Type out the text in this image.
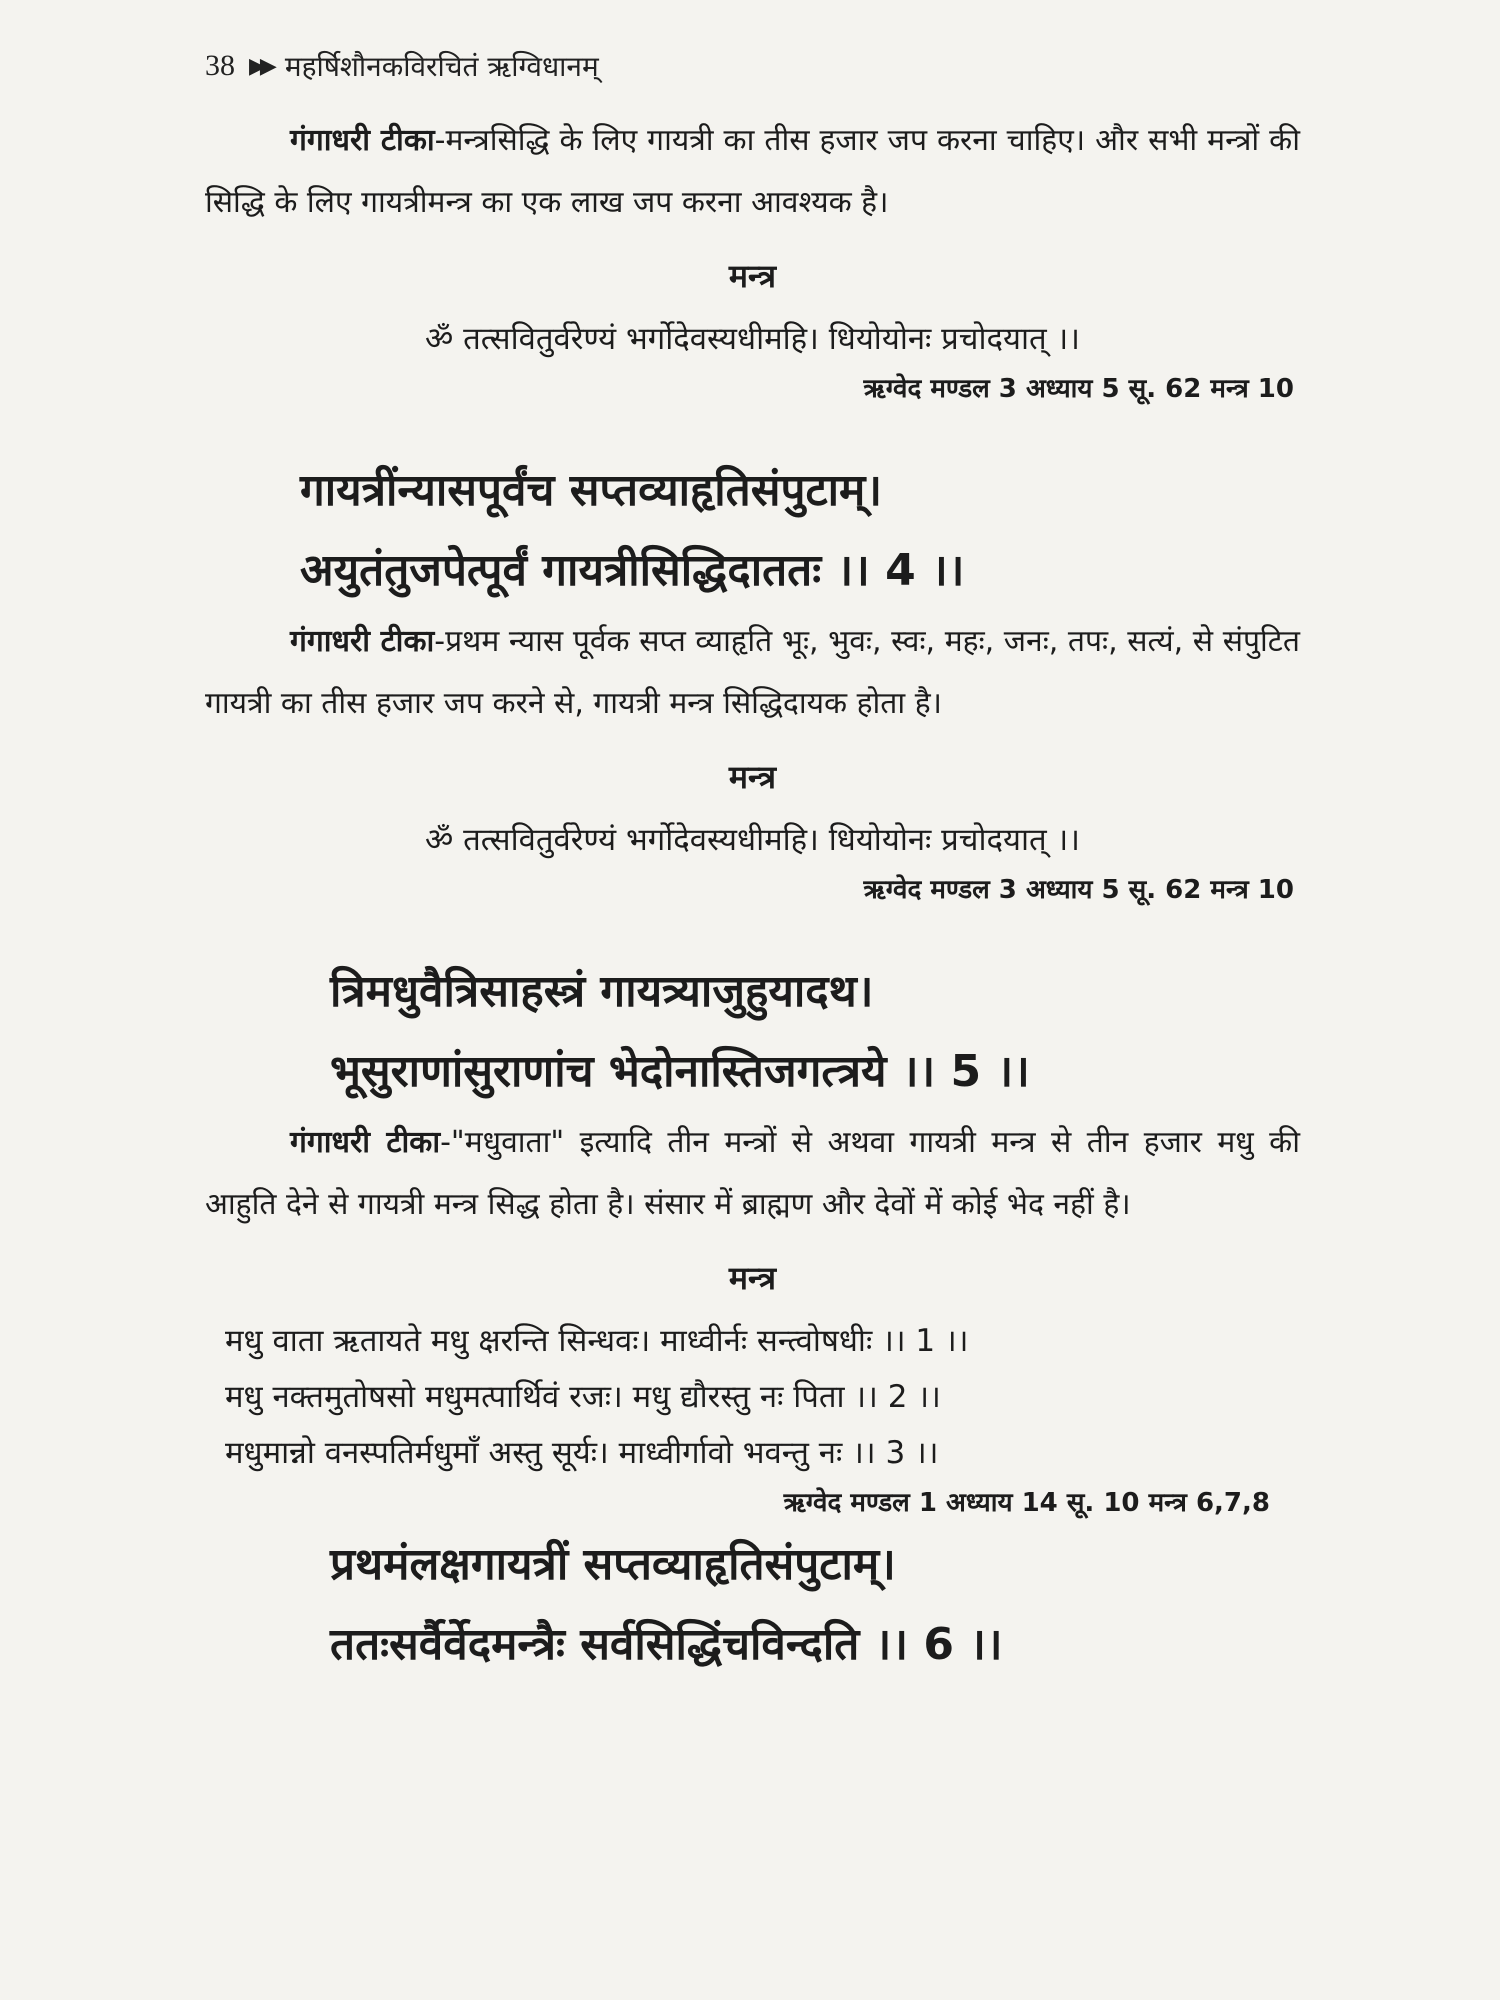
38 ▶▶ महर्षिशौनकविरचितं ऋग्विधानम्

गंगाधरी टीका-मन्त्रसिद्धि के लिए गायत्री का तीस हजार जप करना चाहिए। और सभी मन्त्रों की सिद्धि के लिए गायत्रीमन्त्र का एक लाख जप करना आवश्यक है।

मन्त्र

ॐ तत्सवितुर्वरेण्यं भर्गोदेवस्यधीमहि। धियोयोनः प्रचोदयात् ।।

ऋग्वेद मण्डल 3 अध्याय 5 सू. 62 मन्त्र 10

गायत्रींन्यासपूर्वंच सप्तव्याहृतिसंपुटाम्।

अयुतंतुजपेत्पूर्वं गायत्रीसिद्धिदाततः ।। 4 ।।

गंगाधरी टीका-प्रथम न्यास पूर्वक सप्त व्याहृति भूः, भुवः, स्वः, महः, जनः, तपः, सत्यं, से संपुटित गायत्री का तीस हजार जप करने से, गायत्री मन्त्र सिद्धिदायक होता है।

मन्त्र

ॐ तत्सवितुर्वरेण्यं भर्गोदेवस्यधीमहि। धियोयोनः प्रचोदयात् ।।

ऋग्वेद मण्डल 3 अध्याय 5 सू. 62 मन्त्र 10

त्रिमधुवैत्रिसाहस्त्रं गायत्र्याजुहुयादथ।

भूसुराणांसुराणांच भेदोनास्तिजगत्त्रये ।। 5 ।।

गंगाधरी टीका-"मधुवाता" इत्यादि तीन मन्त्रों से अथवा गायत्री मन्त्र से तीन हजार मधु की आहुति देने से गायत्री मन्त्र सिद्ध होता है। संसार में ब्राह्मण और देवों में कोई भेद नहीं है।

मन्त्र

मधु वाता ऋतायते मधु क्षरन्ति सिन्धवः। माध्वीर्नः सन्त्वोषधीः ।। 1 ।।

मधु नक्तमुतोषसो मधुमत्पार्थिवं रजः। मधु द्यौरस्तु नः पिता ।। 2 ।।

मधुमान्नो वनस्पतिर्मधुमाँ अस्तु सूर्यः। माध्वीर्गावो भवन्तु नः ।। 3 ।।

ऋग्वेद मण्डल 1 अध्याय 14 सू. 10 मन्त्र 6,7,8

प्रथमंलक्षगायत्रीं सप्तव्याहृतिसंपुटाम्।

ततःसर्वैर्वेदमन्त्रैः सर्वसिद्धिंचविन्दति ।। 6 ।।
